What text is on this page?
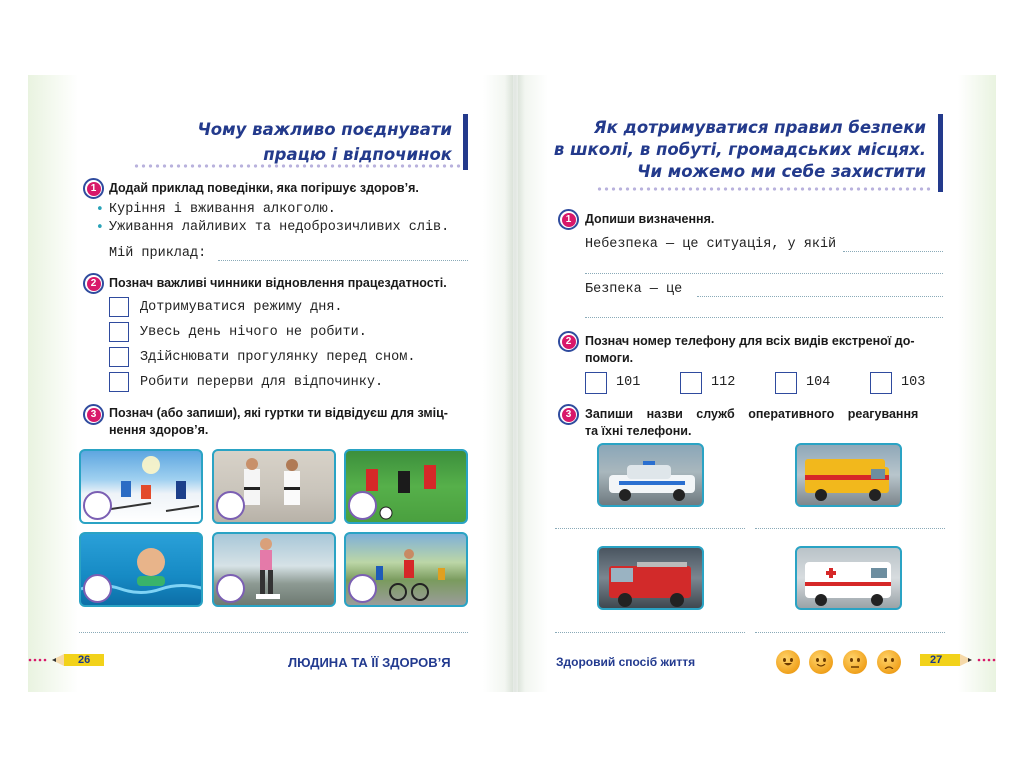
Чому важливо поєднувати
працю і відпочинок
1	Додай приклад поведінки, яка погіршує здоров’я.
• Куріння і вживання алкоголю.
• Уживання лайливих та недоброзичливих слів.
Мій приклад:
2	Познач важливі чинники відновлення працездатності.
Дотримуватися режиму дня.
Увесь день нічого не робити.
Здійснювати прогулянку перед сном.
Робити перерви для відпочинку.
3	Познач (або запиши), які гуртки ти відвідуєш для змiц-
нення здоров’я.
26	ЛЮДИНА ТА ЇЇ ЗДОРОВ’Я
Як дотримуватися правил безпеки
в школі, в побуті, громадських місцях.
Чи можемо ми себе захистити
1	Допиши визначення.
Небезпека — це ситуація, у якій
Безпека — це
2	Познач номер телефону для всіх видів екстреної до-
помоги.
101	112	104	103
3	Запиши назви служб оперативного реагування
та їхні телефони.
Здоровий спосіб життя	27
